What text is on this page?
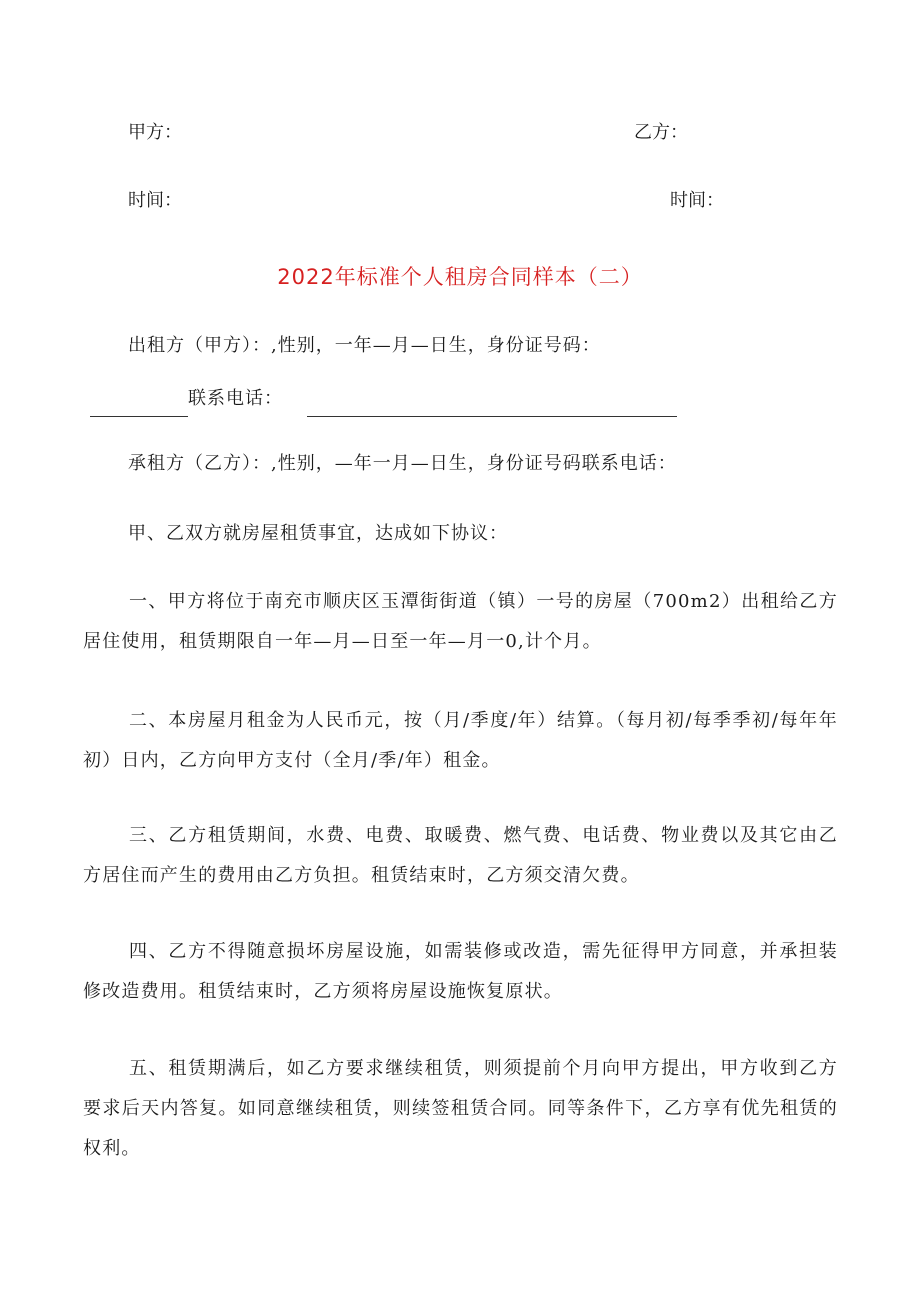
甲方：	乙方：
时间：	时间：
2022年标准个人租房合同样本（二）
出租方（甲方）：,性别，一年—月—日生，身份证号码：
联系电话：
承租方（乙方）：,性别，—年一月—日生，身份证号码联系电话：
甲、乙双方就房屋租赁事宜，达成如下协议：
一、甲方将位于南充市顺庆区玉潭街街道（镇）一号的房屋（700m2）出租给乙方居住使用，租赁期限自一年—月—日至一年—月一0,计个月。
二、本房屋月租金为人民币元，按（月/季度/年）结算。（每月初/每季季初/每年年初）日内，乙方向甲方支付（全月/季/年）租金。
三、乙方租赁期间，水费、电费、取暖费、燃气费、电话费、物业费以及其它由乙方居住而产生的费用由乙方负担。租赁结束时，乙方须交清欠费。
四、乙方不得随意损坏房屋设施，如需装修或改造，需先征得甲方同意，并承担装修改造费用。租赁结束时，乙方须将房屋设施恢复原状。
五、租赁期满后，如乙方要求继续租赁，则须提前个月向甲方提出，甲方收到乙方要求后天内答复。如同意继续租赁，则续签租赁合同。同等条件下，乙方享有优先租赁的权利。
